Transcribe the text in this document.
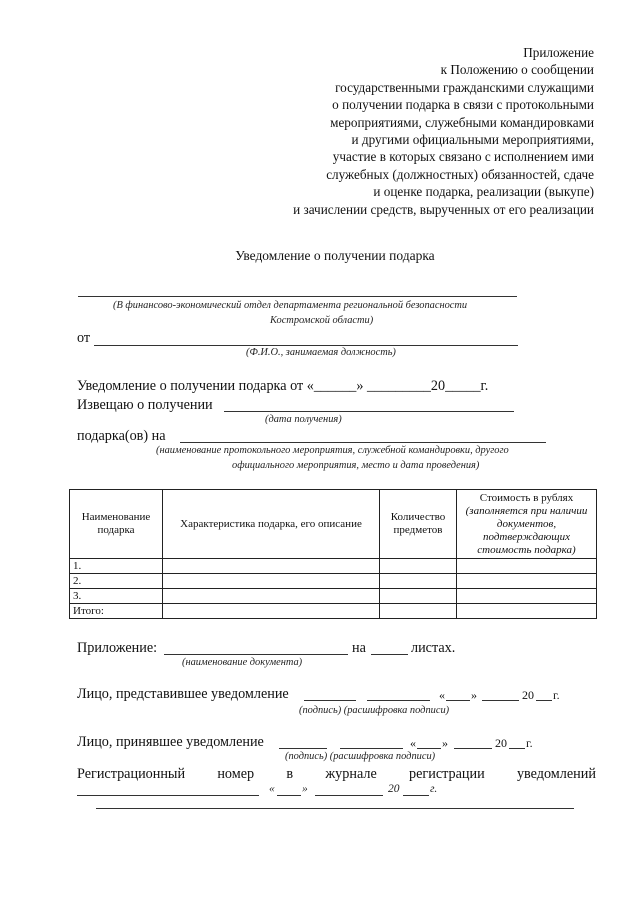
Приложение
к Положению о сообщении
государственными гражданскими служащими
о получении подарка в связи с протокольными
мероприятиями, служебными командировками
и другими официальными мероприятиями,
участие в которых связано с исполнением ими
служебных (должностных) обязанностей, сдаче
и оценке подарка, реализации (выкупе)
и зачислении средств, вырученных от его реализации
Уведомление о получении подарка
(В финансово-экономический отдел департамента региональной безопасности
Костромской области)
от
(Ф.И.О., занимаемая должность)
Уведомление о получении подарка от «______» _________20_____г.
Извещаю о получении
(дата получения)
подарка(ов) на
(наименование протокольного мероприятия, служебной командировки, другого
официального мероприятия, место и дата проведения)
Наименование подарка	Характеристика подарка, его описание	Количество предметов	Стоимость в рублях
(заполняется при наличии документов, подтверждающих стоимость подарка)

1.			
2.			
3.			
Итого:			
Приложение:	на	листах.
(наименование документа)
Лицо, представившее уведомление	« »	20 г.
(подпись) (расшифровка подписи)
Лицо, принявшее уведомление	« »	20 г.
(подпись) (расшифровка подписи)
Регистрационный номер в журнале регистрации уведомлений
« »	20	г.
